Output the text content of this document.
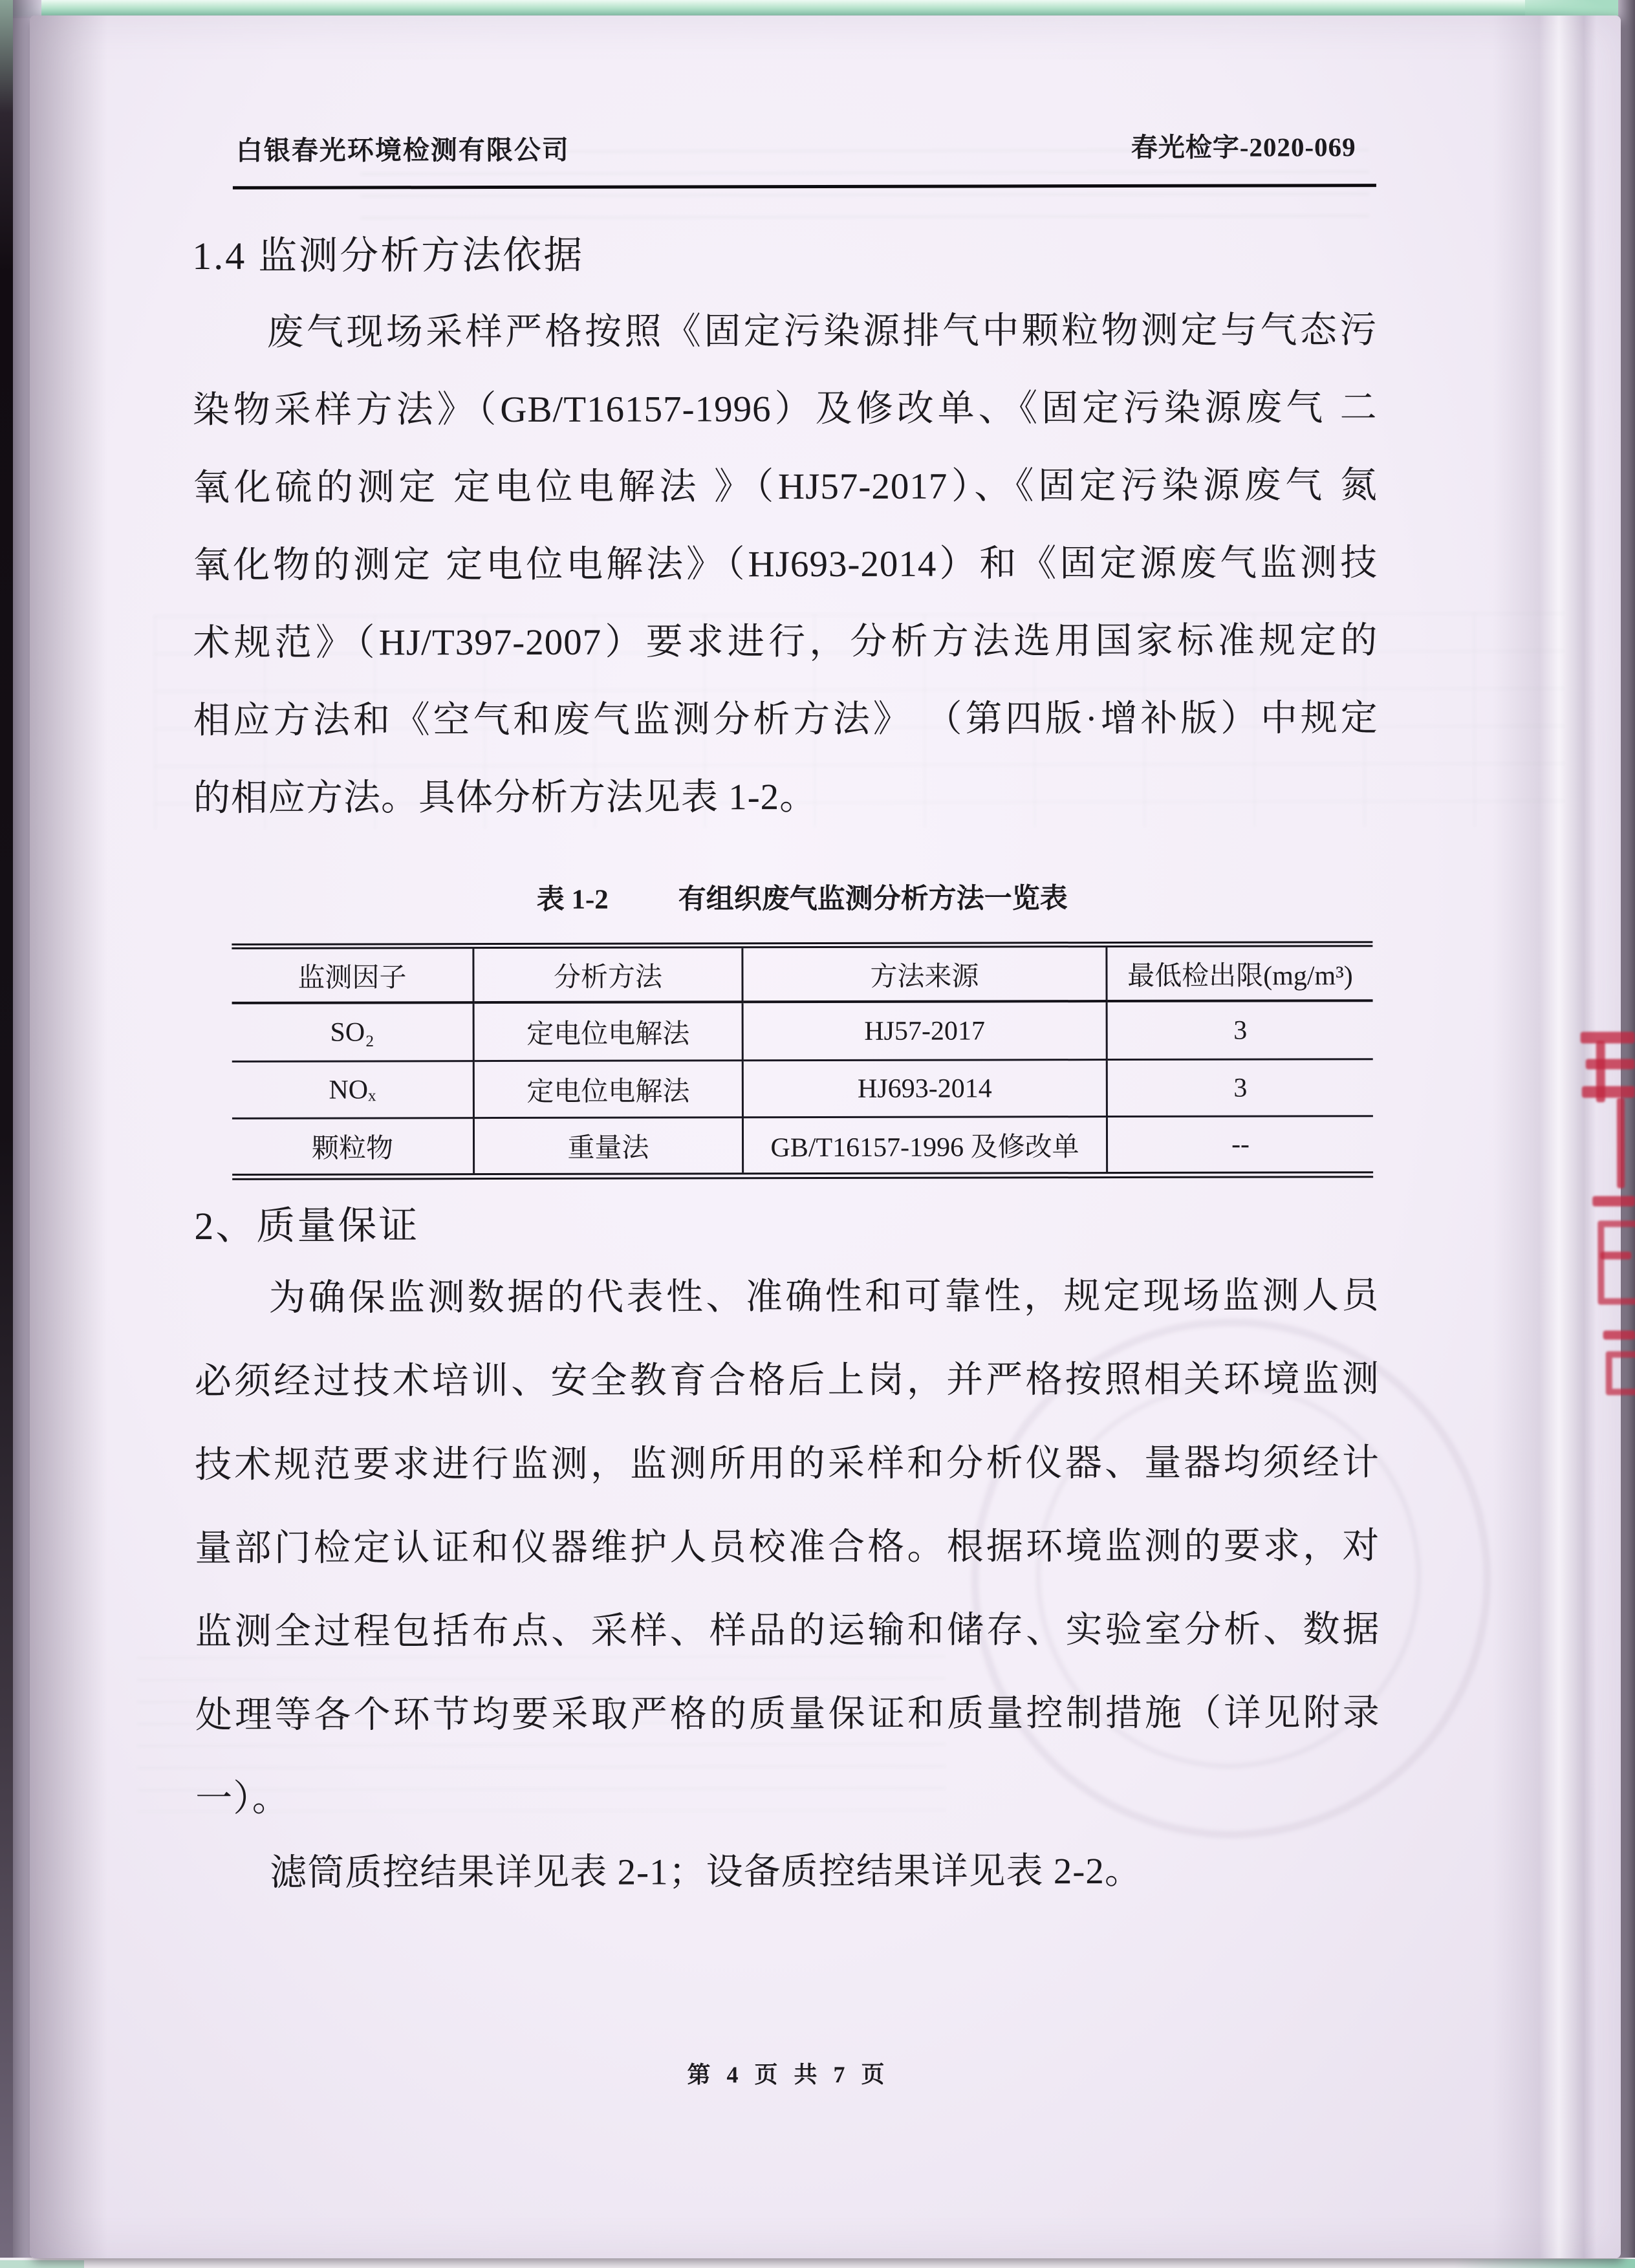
白银春光环境检测有限公司	春光检字-2020-069
1.4 监测分析方法依据
废气现场采样严格按照《固定污染源排气中颗粒物测定与气态污
染物采样方法》（GB/T16157-1996）及修改单、《固定污染源废气 二
氧化硫的测定 定电位电解法 》（HJ57-2017）、《固定污染源废气 氮
氧化物的测定 定电位电解法》（HJ693-2014）和《固定源废气监测技
术规范》（HJ/T397-2007）要求进行，分析方法选用国家标准规定的
相应方法和《空气和废气监测分析方法》 （第四版·增补版）中规定
的相应方法。具体分析方法见表 1-2。
表 1-2	有组织废气监测分析方法一览表
监测因子	分析方法	方法来源	最低检出限(mg/m³)
SO₂	定电位电解法	HJ57-2017	3
NOₓ	定电位电解法	HJ693-2014	3
颗粒物	重量法	GB/T16157-1996 及修改单	--
2、质量保证
为确保监测数据的代表性、准确性和可靠性，规定现场监测人员
必须经过技术培训、安全教育合格后上岗，并严格按照相关环境监测
技术规范要求进行监测，监测所用的采样和分析仪器、量器均须经计
量部门检定认证和仪器维护人员校准合格。根据环境监测的要求，对
监测全过程包括布点、采样、样品的运输和储存、实验室分析、数据
处理等各个环节均要采取严格的质量保证和质量控制措施（详见附录
一）。
滤筒质控结果详见表 2-1；设备质控结果详见表 2-2。
第 4 页 共 7 页
